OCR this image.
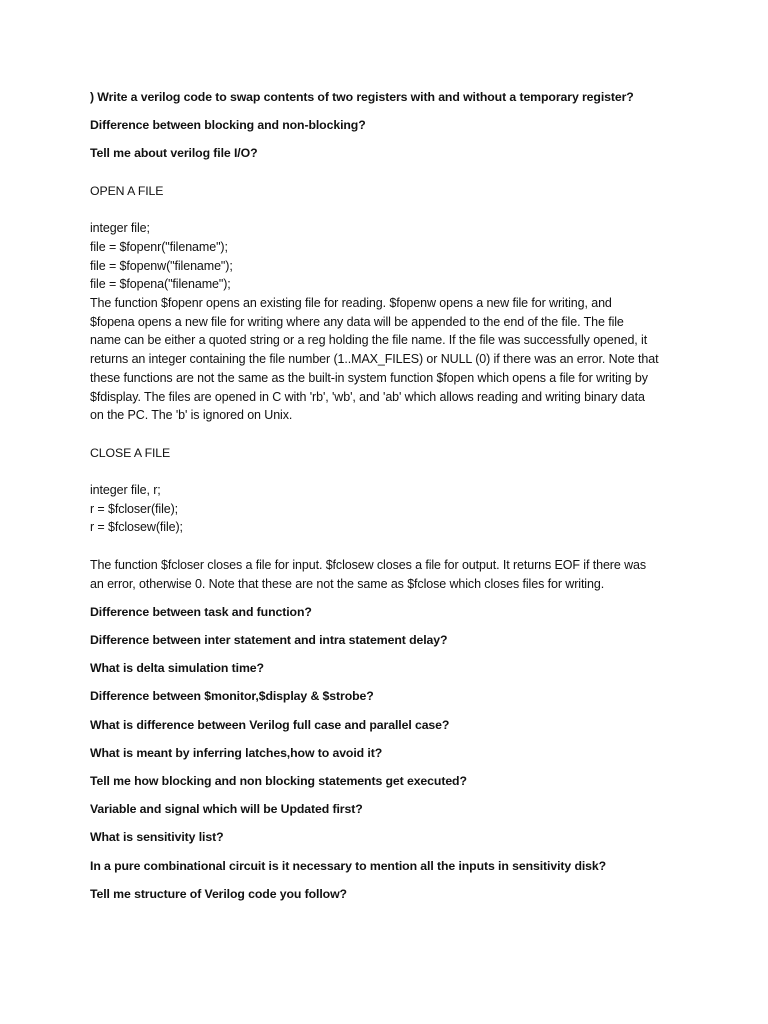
) Write a verilog code to swap contents of two registers with and without a temporary register?
Difference between blocking and non-blocking?
Tell me about verilog file I/O?
OPEN A FILE
integer file;
file = $fopenr("filename");
file = $fopenw("filename");
file = $fopena("filename");
The function $fopenr opens an existing file for reading. $fopenw opens a new file for writing, and
$fopena opens a new file for writing where any data will be appended to the end of the file. The file
name can be either a quoted string or a reg holding the file name. If the file was successfully opened, it
returns an integer containing the file number (1..MAX_FILES) or NULL (0) if there was an error. Note that
these functions are not the same as the built-in system function $fopen which opens a file for writing by
$fdisplay. The files are opened in C with 'rb', 'wb', and 'ab' which allows reading and writing binary data
on the PC. The 'b' is ignored on Unix.
CLOSE A FILE
integer file, r;
r = $fcloser(file);
r = $fclosew(file);
The function $fcloser closes a file for input. $fclosew closes a file for output. It returns EOF if there was
an error, otherwise 0. Note that these are not the same as $fclose which closes files for writing.
Difference between task and function?
Difference between inter statement and intra statement delay?
What is delta simulation time?
Difference between $monitor,$display & $strobe?
What is difference between Verilog full case and parallel case?
What is meant by inferring latches,how to avoid it?
Tell me how blocking and non blocking statements get executed?
Variable and signal which will be Updated first?
What is sensitivity list?
In a pure combinational circuit is it necessary to mention all the inputs in sensitivity disk?
Tell me structure of Verilog code you follow?
